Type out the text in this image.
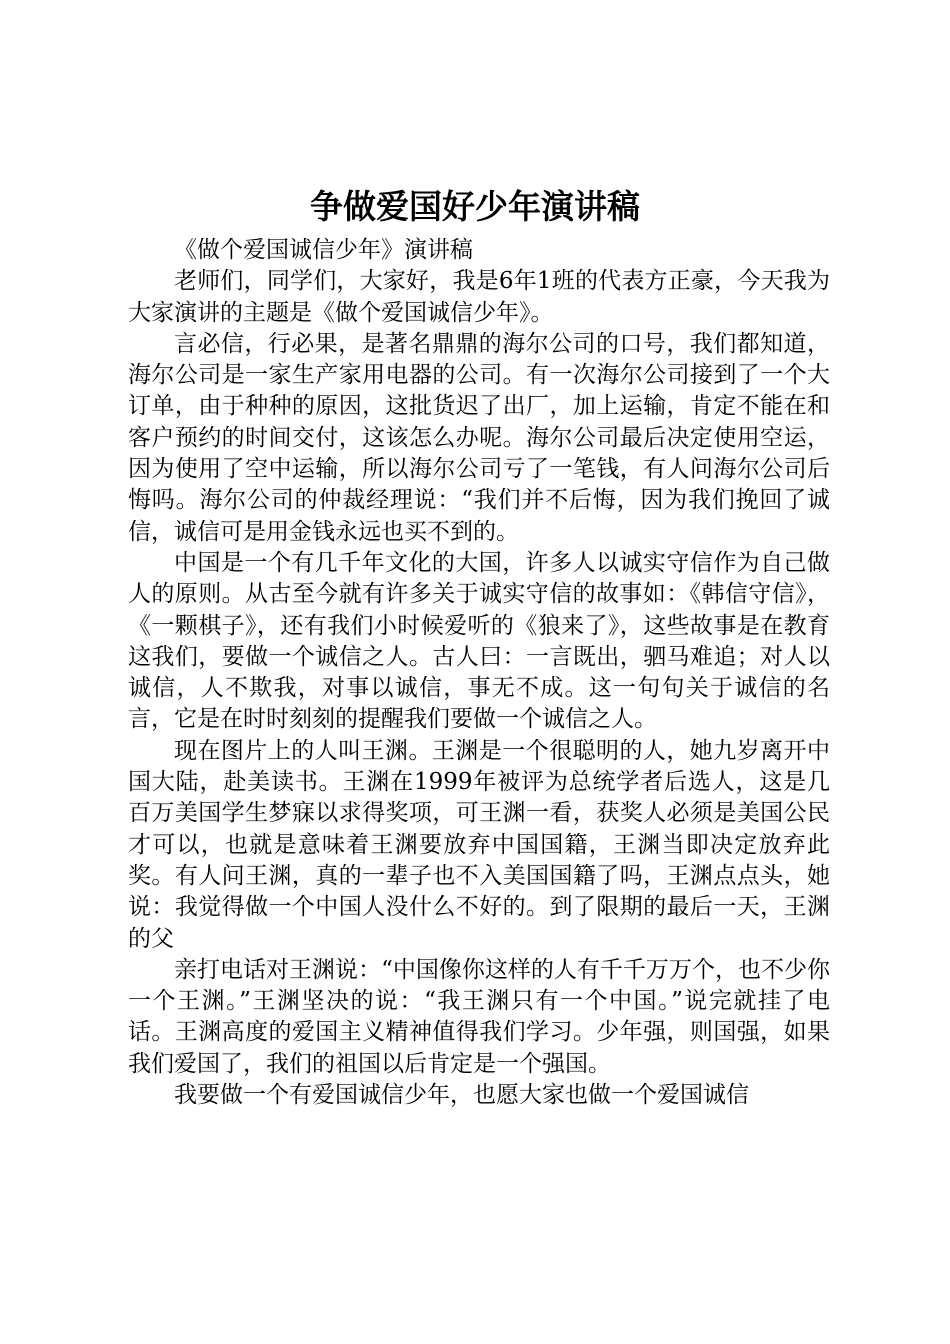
争做爱国好少年演讲稿

《做个爱国诚信少年》演讲稿

老师们，同学们，大家好，我是6年1班的代表方正豪，今天我为大家演讲的主题是《做个爱国诚信少年》。

言必信，行必果，是著名鼎鼎的海尔公司的口号，我们都知道，海尔公司是一家生产家用电器的公司。有一次海尔公司接到了一个大订单，由于种种的原因，这批货迟了出厂，加上运输，肯定不能在和客户预约的时间交付，这该怎么办呢。海尔公司最后决定使用空运，因为使用了空中运输，所以海尔公司亏了一笔钱，有人问海尔公司后悔吗。海尔公司的仲裁经理说：“我们并不后悔，因为我们挽回了诚信，诚信可是用金钱永远也买不到的。

中国是一个有几千年文化的大国，许多人以诚实守信作为自己做人的原则。从古至今就有许多关于诚实守信的故事如：《韩信守信》，《一颗棋子》，还有我们小时候爱听的《狼来了》，这些故事是在教育这我们，要做一个诚信之人。古人曰：一言既出，驷马难追；对人以诚信，人不欺我，对事以诚信，事无不成。这一句句关于诚信的名言，它是在时时刻刻的提醒我们要做一个诚信之人。

现在图片上的人叫王渊。王渊是一个很聪明的人，她九岁离开中国大陆，赴美读书。王渊在1999年被评为总统学者后选人，这是几百万美国学生梦寐以求得奖项，可王渊一看，获奖人必须是美国公民才可以，也就是意味着王渊要放弃中国国籍，王渊当即决定放弃此奖。有人问王渊，真的一辈子也不入美国国籍了吗，王渊点点头，她说：我觉得做一个中国人没什么不好的。到了限期的最后一天，王渊的父

亲打电话对王渊说：“中国像你这样的人有千千万万个，也不少你一个王渊。”王渊坚决的说：“我王渊只有一个中国。”说完就挂了电话。王渊高度的爱国主义精神值得我们学习。少年强，则国强，如果我们爱国了，我们的祖国以后肯定是一个强国。

我要做一个有爱国诚信少年，也愿大家也做一个爱国诚信
